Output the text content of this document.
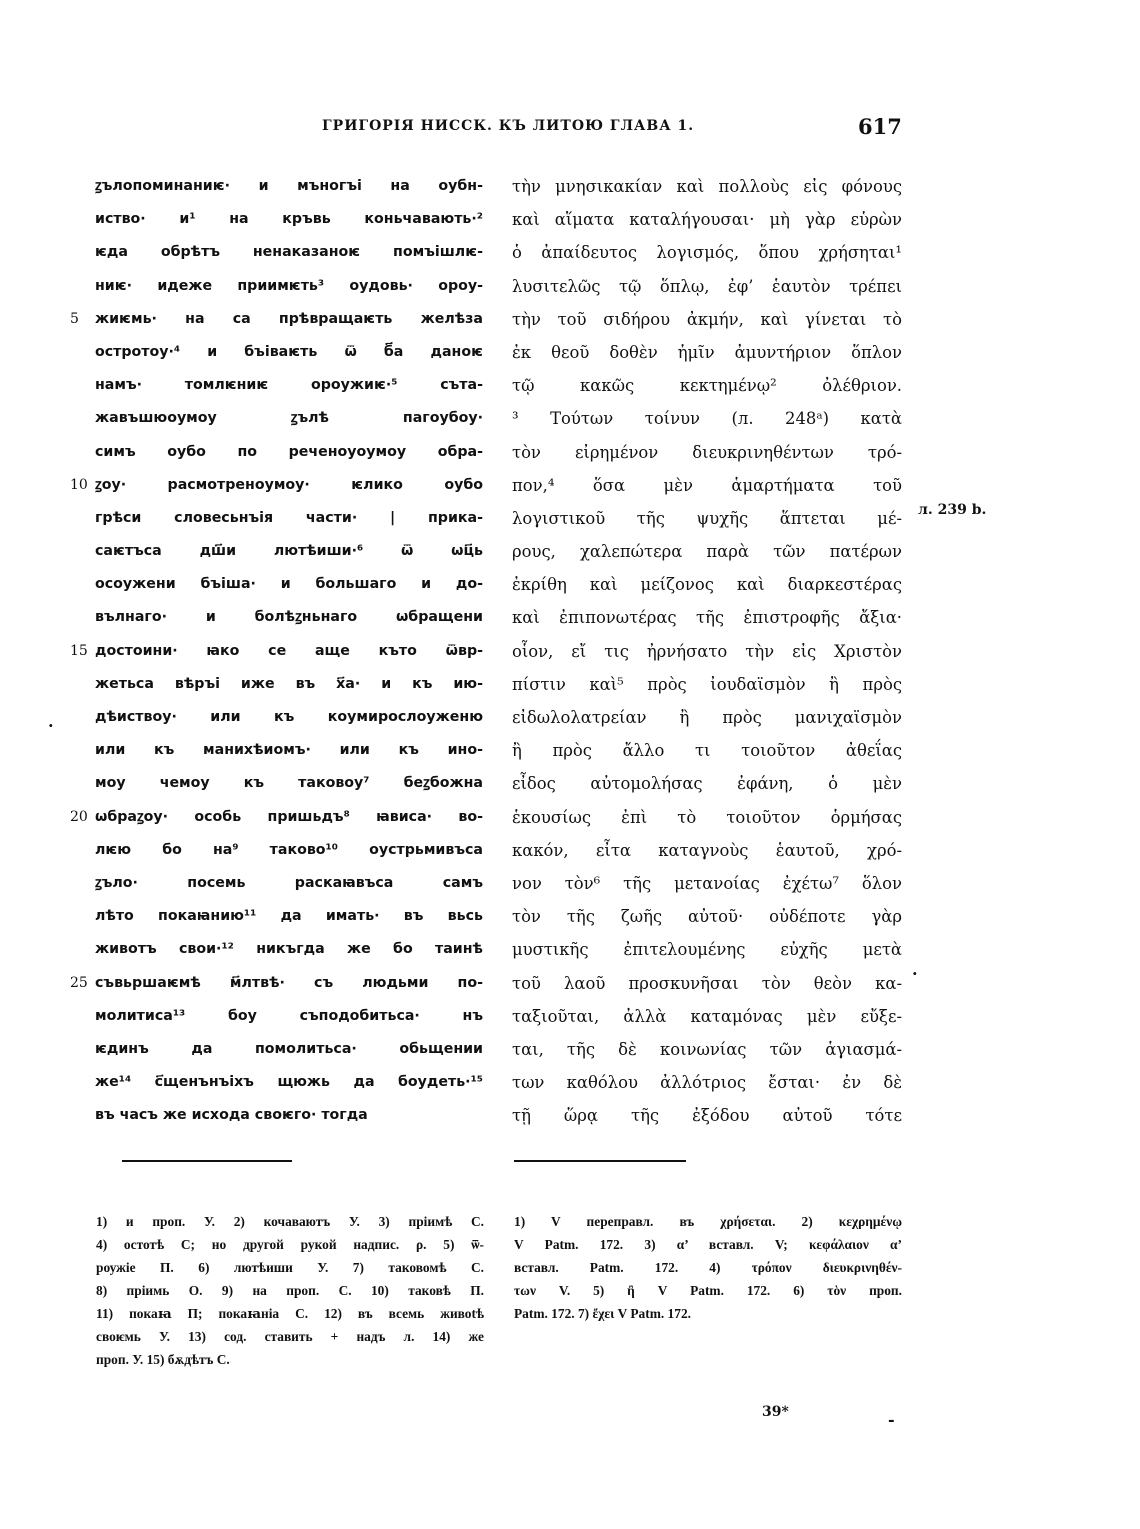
ГРИГОРІЯ НИССК. КЪ ЛИТОЮ ГЛАВА 1.	617
5
10
15
20
25
ꙁълопоминаниѥ· и мънoгъі на оубн-
иство· и¹ на кръвь коньчавають·²
ѥда обрѣтъ ненаказаноѥ помъішлѥ-
ниѥ· идеже приимѥть³ оудовь· ороу-
жиѥмь· на са прѣвращаѥть желѣза
остротоу·⁴ и бъіваѥть ѿ б҃а даноѥ
намъ· томлѥниѥ ороужиѥ·⁵ сътa-
жавъшюоумоу ꙁълѣ пагоубоу·
симъ оубо по реченоуоумоу обра-
ꙁоу· расмотреноумоу· ѥлико оубо
грѣси словесьнъія части· | прика-
саѥтъса дш҃и лютѣиши·⁶ ѿ ѡц҃ь
осоужени бъіша· и большаго и до-
вълнаго· и болѣꙁньнаго ѡбращени
достоини· ꙗко се аще къто ѿвр-
жетьса вѣръі иже въ х҃а· и къ ию-
дѣиствоу· или къ коумирослоуженю
или къ манихѣиомъ· или къ ино-
моу чемоу къ таковоу⁷ беꙁбожна
ѡбраꙁоу· особь пришьдъ⁸ ꙗвиса· во-
лѥю бо на⁹ таково¹⁰ оустрьмивъса
ꙁъло· посемь раскаꙗвъса самъ
лѣто покаꙗнию¹¹ да имать· въ вьсь
животъ свои·¹² никъгда же бо таинѣ
съвьршаѥмѣ м҃лтвѣ· съ людьми по-
молитиса¹³ боу съподобитьса· нъ
ѥдинъ да помолитьса· обьщении
же¹⁴ с҃щенънъіхъ щюжь да боудеть·¹⁵
въ часъ же исхода своѥго· тогда
τὴν μνησικακίαν καὶ πολλοὺς εἰς φόνους
καὶ αἵματα καταλήγουσαι· μὴ γὰρ εὑρὼν
ὁ ἀπαίδευτος λογισμός, ὅπου χρήσηται¹
λυσιτελῶς τῷ ὅπλῳ, ἐφ’ ἑαυτὸν τρέπει
τὴν τοῦ σιδήρου ἀκμήν, καὶ γίνεται τὸ
ἐκ θεοῦ δοθὲν ἡμῖν ἀμυντήριον ὅπλον
τῷ κακῶς κεκτημένῳ² ὀλέθριον.
³ Τούτων τοίνυν (л. 248ᵃ) κατὰ
τὸν εἰρημένον διευκρινηθέντων τρό-
πον,⁴ ὅσα μὲν ἁμαρτήματα τοῦ
λογιστικοῦ τῆς ψυχῆς ἅπτεται μέ-
ρους, χαλεπώτερα παρὰ τῶν πατέρων
ἐκρίθη καὶ μείζονος καὶ διαρκεστέρας
καὶ ἐπιπονωτέρας τῆς ἐπιστροφῆς ἄξια·
οἷον, εἴ τις ἠρνήσατο τὴν εἰς Χριστὸν
πίστιν καὶ⁵ πρὸς ἰουδαϊσμὸν ἢ πρὸς
εἰδωλολατρείαν ἢ πρὸς μανιχαϊσμὸν
ἢ πρὸς ἄλλο τι τοιοῦτον ἀθεΐας
εἶδος αὐτομολήσας ἐφάνη, ὁ μὲν
ἑκουσίως ἐπὶ τὸ τοιοῦτον ὁρμήσας
κακόν, εἶτα καταγνοὺς ἑαυτοῦ, χρό-
νον τὸν⁶ τῆς μετανοίας ἐχέτω⁷ ὅλον
τὸν τῆς ζωῆς αὐτοῦ· οὐδέποτε γὰρ
μυστικῆς ἐπιτελουμένης εὐχῆς μετὰ
τοῦ λαοῦ προσκυνῆσαι τὸν θεὸν κα-
ταξιοῦται, ἀλλὰ καταμόνας μὲν εὔξε-
ται, τῆς δὲ κοινωνίας τῶν ἁγιασμά-
των καθόλου ἀλλότριος ἔσται· ἐν δὲ
τῇ ὥρᾳ τῆς ἐξόδου αὐτοῦ τότε
л. 239 b.
·
.
1) и проп. У. 2) кочаваютъ У. 3) прiимѣ С.
4) остотѣ С; но другой рукой надпис. ρ. 5) ѿ-
роужiе П. 6) лютѣиши У. 7) таковомѣ С.
8) прiимь О. 9) на проп. С. 10) таковѣ П.
11) покаꙗ П; покаꙗнiа С. 12) въ всемь живоtѣ
своѥмь У. 13) сод. ставить + надъ л. 14) же
проп. У. 15) бѫдѣтъ С.
1) V переправл. въ χρήσεται. 2) κεχρημένῳ
V Patm. 172. 3) α’ вставл. V; κεφάλαιον α’
вставл. Patm. 172. 4) τρόπον διευκρινηθέν-
των V. 5) ἢ V Patm. 172. 6) τὸν проп.
Patm. 172. 7) ἔχει V Patm. 172.
39*	-
